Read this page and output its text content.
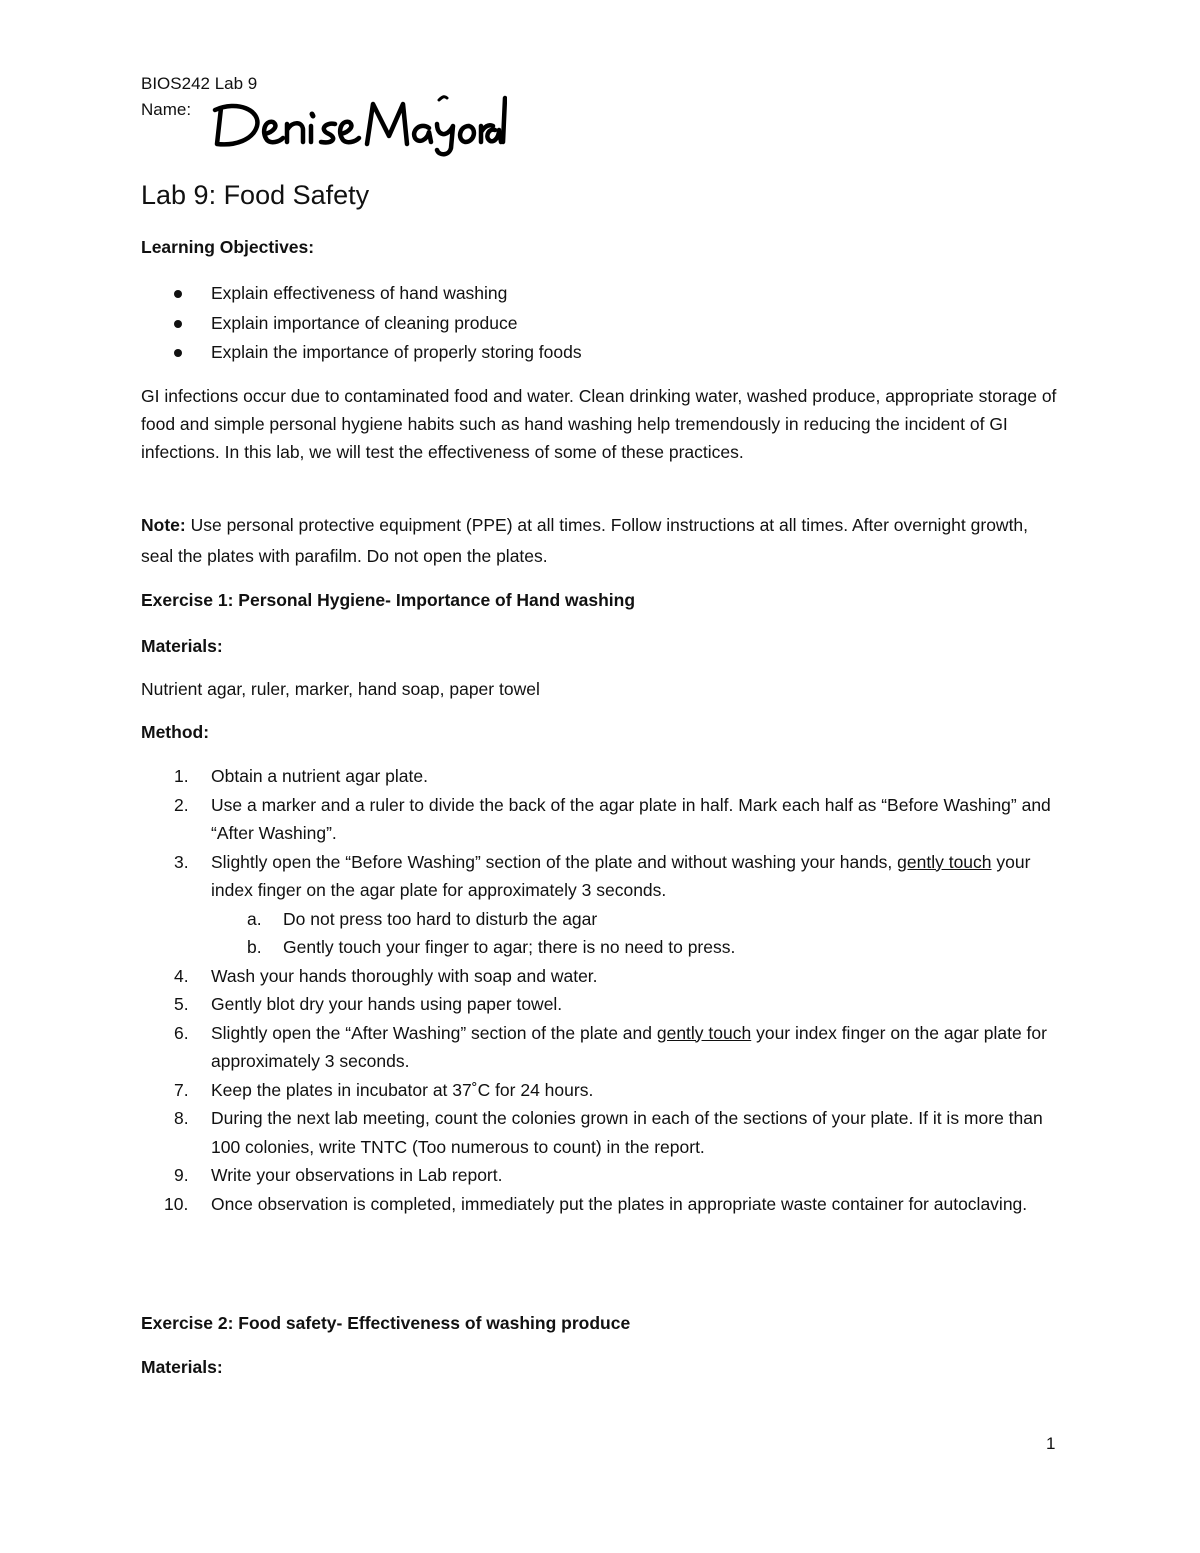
BIOS242 Lab 9
Name:
Lab 9: Food Safety
Learning Objectives:
Explain effectiveness of hand washing
Explain importance of cleaning produce
Explain the importance of properly storing foods

GI infections occur due to contaminated food and water. Clean drinking water, washed produce, appropriate storage of food and simple personal hygiene habits such as hand washing help tremendously in reducing the incident of GI infections. In this lab, we will test the effectiveness of some of these practices.

Note: Use personal protective equipment (PPE) at all times. Follow instructions at all times. After overnight growth, seal the plates with parafilm. Do not open the plates.

Exercise 1: Personal Hygiene- Importance of Hand washing
Materials:

Nutrient agar, ruler, marker, hand soap, paper towel

Method:
1. Obtain a nutrient agar plate.
2. Use a marker and a ruler to divide the back of the agar plate in half. Mark each half as “Before Washing” and “After Washing”.
3. Slightly open the “Before Washing” section of the plate and without washing your hands, gently touch your index finger on the agar plate for approximately 3 seconds.
a. Do not press too hard to disturb the agar
b. Gently touch your finger to agar; there is no need to press.
4. Wash your hands thoroughly with soap and water.
5. Gently blot dry your hands using paper towel.
6. Slightly open the “After Washing” section of the plate and gently touch your index finger on the agar plate for approximately 3 seconds.
7. Keep the plates in incubator at 37˚C for 24 hours.
8. During the next lab meeting, count the colonies grown in each of the sections of your plate. If it is more than 100 colonies, write TNTC (Too numerous to count) in the report.
9. Write your observations in Lab report.
10. Once observation is completed, immediately put the plates in appropriate waste container for autoclaving.
Exercise 2: Food safety- Effectiveness of washing produce
Materials:
1
